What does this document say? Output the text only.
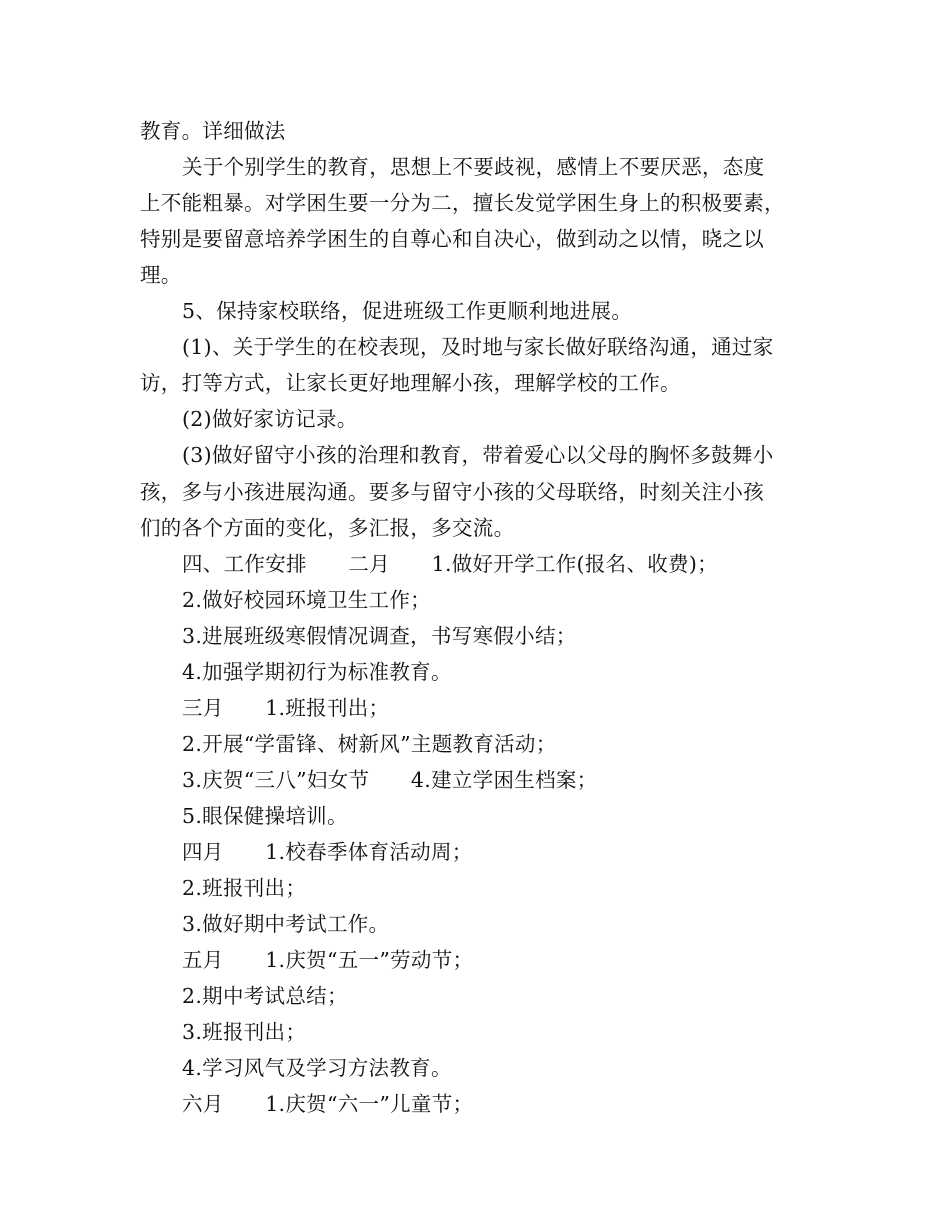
教育。详细做法
关于个别学生的教育，思想上不要歧视，感情上不要厌恶，态度
上不能粗暴。对学困生要一分为二，擅长发觉学困生身上的积极要素，
特别是要留意培养学困生的自尊心和自决心，做到动之以情，晓之以
理。
5、保持家校联络，促进班级工作更顺利地进展。
(1)、关于学生的在校表现，及时地与家长做好联络沟通，通过家
访，打等方式，让家长更好地理解小孩，理解学校的工作。
(2)做好家访记录。
(3)做好留守小孩的治理和教育，带着爱心以父母的胸怀多鼓舞小
孩，多与小孩进展沟通。要多与留守小孩的父母联络，时刻关注小孩
们的各个方面的变化，多汇报，多交流。
四、工作安排　　二月　　1.做好开学工作(报名、收费)；
2.做好校园环境卫生工作；
3.进展班级寒假情况调查，书写寒假小结；
4.加强学期初行为标准教育。
三月　　1.班报刊出；
2.开展“学雷锋、树新风”主题教育活动；
3.庆贺“三八”妇女节　　4.建立学困生档案；
5.眼保健操培训。
四月　　1.校春季体育活动周；
2.班报刊出；
3.做好期中考试工作。
五月　　1.庆贺“五一”劳动节；
2.期中考试总结；
3.班报刊出；
4.学习风气及学习方法教育。
六月　　1.庆贺“六一”儿童节；
